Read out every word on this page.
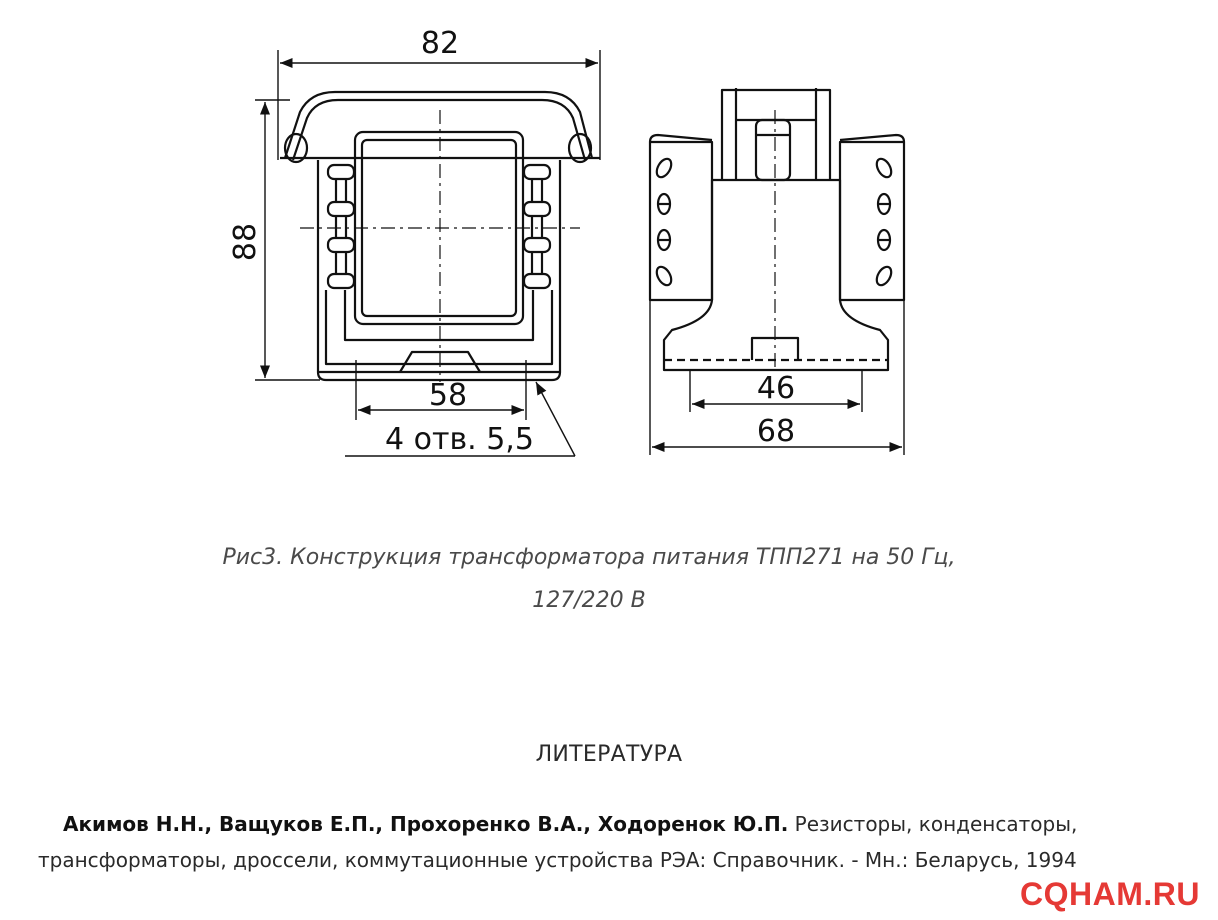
82
88
58
4 отв. 5,5
46
68
Рис3. Конструкция трансформатора питания ТПП271 на 50 Гц,
127/220 В
ЛИТЕРАТУРА
Акимов Н.Н., Ващуков Е.П., Прохоренко В.А., Ходоренок Ю.П. Резисторы, конденсаторы,
трансформаторы, дроссели, коммутационные устройства РЭА: Справочник. - Мн.: Беларусь, 1994
CQHAM.RU
